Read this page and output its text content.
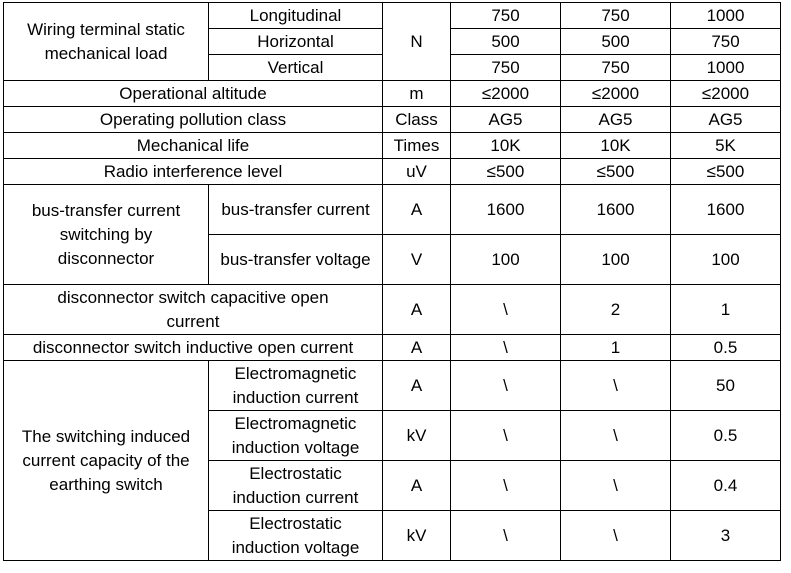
Wiring terminal static mechanical load	Longitudinal	N	750	750	1000
	Horizontal		500	500	750
	Vertical		750	750	1000
Operational altitude		m	≤2000	≤2000	≤2000
Operating pollution class		Class	AG5	AG5	AG5
Mechanical life		Times	10K	10K	5K
Radio interference level		uV	≤500	≤500	≤500
bus-transfer current switching by disconnector	bus-transfer current	A	1600	1600	1600
	bus-transfer voltage	V	100	100	100
disconnector switch capacitive open current		A	\	2	1
disconnector switch inductive open current		A	\	1	0.5
The switching induced current capacity of the earthing switch	Electromagnetic induction current	A	\	\	50
	Electromagnetic induction voltage	kV	\	\	0.5
	Electrostatic induction current	A	\	\	0.4
	Electrostatic induction voltage	kV	\	\	3
